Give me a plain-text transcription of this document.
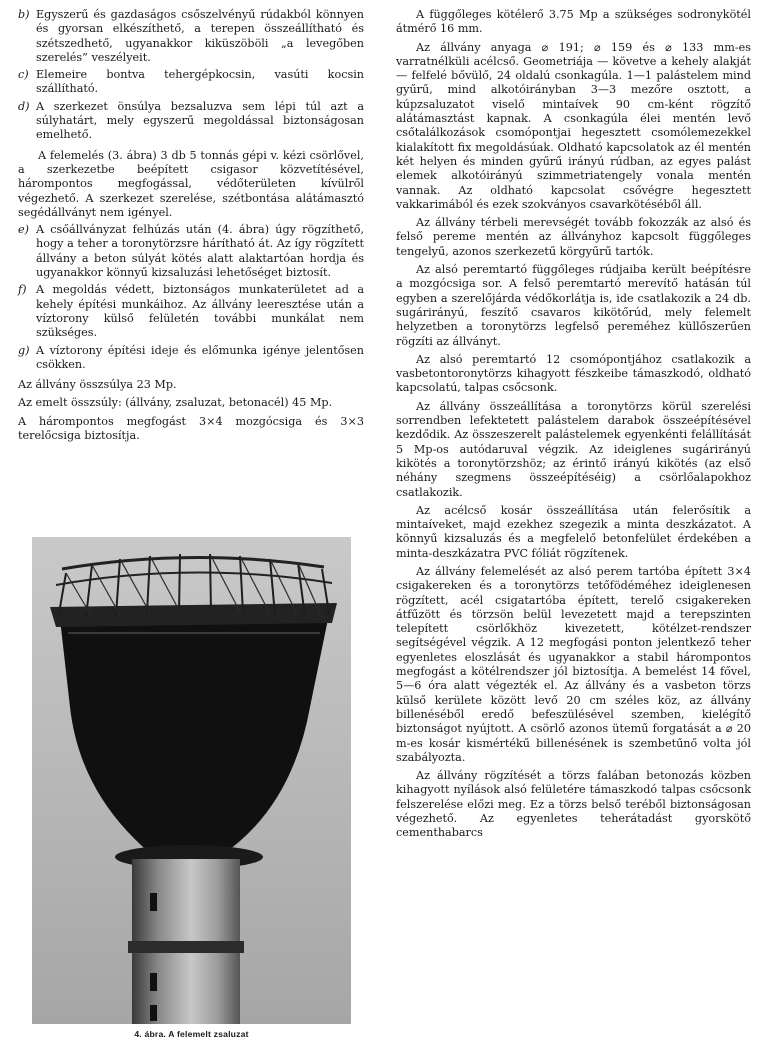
b) Egyszerű és gazdaságos csőszelvényű rúdakból könnyen és gyorsan elkészíthető, a terepen összeállítható és szétszedhető, ugyanakkor kiküszöböli „a levegőben szerelés” veszélyeit.
c) Elemeire bontva tehergépkocsin, vasúti kocsin szállítható.
d) A szerkezet önsúlya bezsaluzva sem lépi túl azt a súlyhatárt, mely egyszerű megoldással biztonságosan emelhető.

A felemelés (3. ábra) 3 db 5 tonnás gépi v. kézi csörlővel, a szerkezetbe beépített csigasor közvetítésével, hárompontos megfogással, védőterületen kívülről végezhető. A szerkezet szerelése, szétbontása alátámasztó segédállványt nem igényel.

e) A csőállványzat felhúzás után (4. ábra) úgy rögzíthető, hogy a teher a toronytörzsre hárítható át. Az így rögzített állvány a beton súlyát kötés alatt alaktartóan hordja és ugyanakkor könnyű kizsaluzási lehetőséget biztosít.
f) A megoldás védett, biztonságos munkaterületet ad a kehely építési munkáihoz. Az állvány leeresztése után a víztorony külső felületén további munkálat nem szükséges.
g) A víztorony építési ideje és előmunka igénye jelentősen csökken.

Az állvány összsúlya 23 Mp.

Az emelt összsúly: (állvány, zsaluzat, betonacél) 45 Mp.

A hárompontos megfogást 3×4 mozgócsiga és 3×3 terelőcsiga biztosítja.

4. ábra. A felemelt zsaluzat

A függőleges kötélerő 3.75 Mp a szükséges sodronykötél átmérő 16 mm.

Az állvány anyaga ⌀ 191; ⌀ 159 és ⌀ 133 mm-es varratnélküli acélcső. Geometriája — követve a kehely alakját — felfelé bővülő, 24 oldalú csonkagúla. 1—1 palástelem mind gyűrű, mind alkotóirányban 3—3 mezőre osztott, a kúpzsaluzatot viselő mintaívek 90 cm-ként rögzítő alátámasztást kapnak. A csonkagúla élei mentén levő csőtalálkozások csomópontjai hegesztett csomólemezekkel kialakított fix megoldásúak. Oldható kapcsolatok az él mentén két helyen és minden gyűrű irányú rúdban, az egyes palást elemek alkotóirányú szimmetriatengely vonala mentén vannak. Az oldható kapcsolat csővégre hegesztett vakkarimából és ezek szokványos csavarkötéséből áll.

Az állvány térbeli merevségét tovább fokozzák az alsó és felső pereme mentén az állványhoz kapcsolt függőleges tengelyű, azonos szerkezetű körgyűrű tartók.

Az alsó peremtartó függőleges rúdjaiba került beépítésre a mozgócsiga sor. A felső peremtartó merevítő hatásán túl egyben a szerelőjárda védőkorlátja is, ide csatlakozik a 24 db. sugárirányú, feszítő csavaros kikötőrúd, mely felemelt helyzetben a toronytörzs legfelső pereméhez küllőszerűen rögzíti az állványt.

Az alsó peremtartó 12 csomópontjához csatlakozik a vasbetontoronytörzs kihagyott fészkeibe támaszkodó, oldható kapcsolatú, talpas csőcsonk.

Az állvány összeállítása a toronytörzs körül szerelési sorrendben lefektetett palástelem darabok összeépítésével kezdődik. Az összeszerelt palástelemek egyenkénti felállítását 5 Mp-os autódaruval végzik. Az ideiglenes sugárirányú kikötés a toronytörzshöz; az érintő irányú kikötés (az első néhány szegmens összeépítéséig) a csörlőalapokhoz csatlakozik.

Az acélcső kosár összeállítása után felerősítik a mintaíveket, majd ezekhez szegezik a minta deszkázatot. A könnyű kizsaluzás és a megfelelő betonfelület érdekében a minta-deszkázatra PVC fóliát rögzítenek.

Az állvány felemelését az alsó perem tartóba épített 3×4 csigakereken és a toronytörzs tetőfödéméhez ideiglenesen rögzített, acél csigatartóba épített, terelő csigakereken átfűzött és törzsön belül levezetett majd a terepszinten telepített csörlőkhöz kivezetett, kötélzet-rendszer segítségével végzik. A 12 megfogási ponton jelentkező teher egyenletes eloszlását és ugyanakkor a stabil hárompontos megfogást a kötélrendszer jól biztosítja. A bemelést 14 fővel, 5—6 óra alatt végezték el. Az állvány és a vasbeton törzs külső kerülete között levő 20 cm széles köz, az állvány billenéséből eredő befeszülésével szemben, kielégítő biztonságot nyújtott. A csörlő azonos ütemű forgatását a ⌀ 20 m-es kosár kismértékű billenésének is szembetűnő volta jól szabályozta.

Az állvány rögzítését a törzs falában betonozás közben kihagyott nyílások alsó felületére támaszkodó talpas csőcsonk felszerelése előzi meg. Ez a törzs belső teréből biztonságosan végezhető. Az egyenletes teherátadást gyorskötő cementhabarcs
